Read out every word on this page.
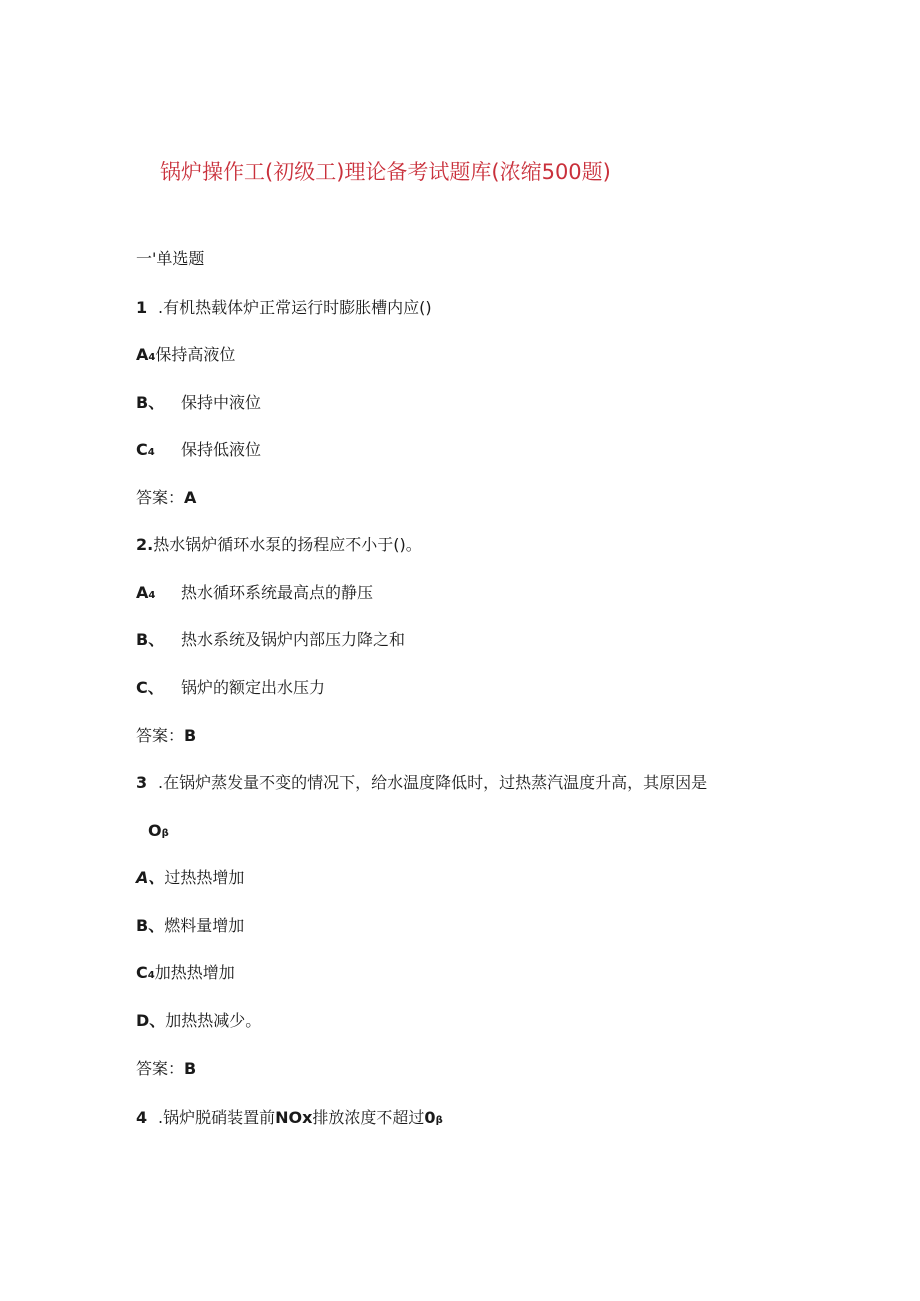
锅炉操作工(初级工)理论备考试题库(浓缩500题)
一'单选题
1 .有机热载体炉正常运行时膨胀槽内应()
A4保持高液位
B、 保持中液位
C4 保持低液位
答案：A
2.热水锅炉循环水泵的扬程应不小于()。
A4 热水循环系统最高点的静压
B、 热水系统及锅炉内部压力降之和
C、 锅炉的额定出水压力
答案：B
3 .在锅炉蒸发量不变的情况下，给水温度降低时，过热蒸汽温度升高，其原因是
Oβ
A、过热热增加
B、燃料量增加
C4加热热增加
D、加热热减少。
答案：B
4 .锅炉脱硝装置前NOx排放浓度不超过0β
